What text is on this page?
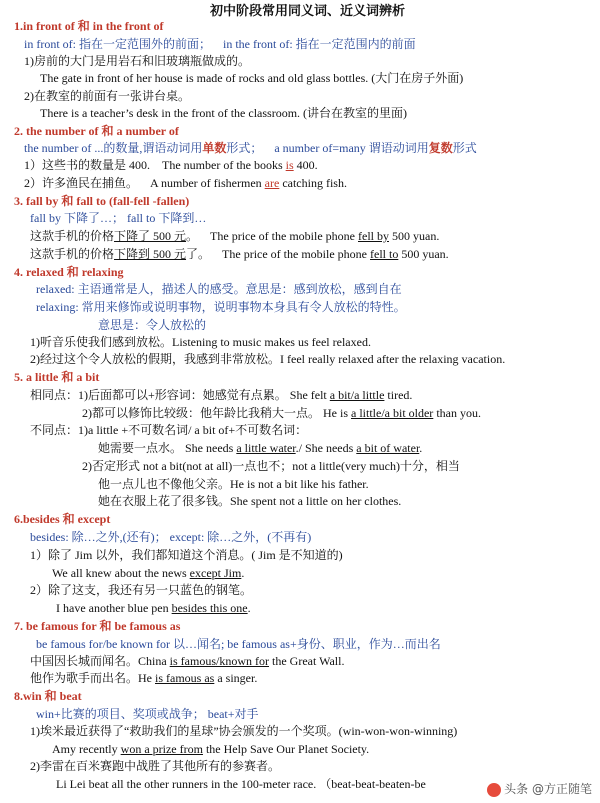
初中阶段常用同义词、近义词辨析
1.in front of 和 in the front of
in front of: 指在一定范围外的前面； in the front of: 指在一定范围内的前面
1)房前的大门是用岩石和旧玻璃瓶做成的。
The gate in front of her house is made of rocks and old glass bottles. (大门在房子外面)
2)在教室的前面有一张讲台桌。
There is a teacher’s desk in the front of the classroom. (讲台在教室的里面)
2. the number of 和 a number of
the number of ...的数量,谓语动词用单数形式； a number of=many 谓语动词用复数形式
1）这些书的数量是 400. The number of the books is 400.
2）许多渔民在捕鱼。 A number of fishermen are catching fish.
3. fall by 和 fall to (fall-fell -fallen)
fall by 下降了…； fall to 下降到…
这款手机的价格下降了 500 元。 The price of the mobile phone fell by 500 yuan.
这款手机的价格下降到 500 元了。 The price of the mobile phone fell to 500 yuan.
4. relaxed 和 relaxing
relaxed: 主语通常是人，描述人的感受。意思是：感到放松，感到自在
relaxing: 常用来修饰或说明事物，说明事物本身具有令人放松的特性。
意思是：令人放松的
1)听音乐使我们感到放松。Listening to music makes us feel relaxed.
2)经过这个令人放松的假期，我感到非常放松。I feel really relaxed after the relaxing vacation.
5. a little 和 a bit
相同点：1)后面都可以+形容词：她感觉有点累。 She felt a bit/a little tired.
2)都可以修饰比较级：他年龄比我稍大一点。 He is a little/a bit older than you.
不同点：1)a little +不可数名词/ a bit of+不可数名词：
她需要一点水。 She needs a little water./ She needs a bit of water.
2)否定形式 not a bit(not at all)一点也不；not a little(very much)十分，相当
他一点儿也不像他父亲。He is not a bit like his father.
她在衣服上花了很多钱。She spent not a little on her clothes.
6.besides 和 except
besides: 除…之外,(还有)； except: 除…之外，(不再有)
1）除了 Jim 以外，我们都知道这个消息。( Jim 是不知道的)
We all knew about the news except Jim.
2）除了这支，我还有另一只蓝色的钢笔。
I have another blue pen besides this one.
7. be famous for 和 be famous as
be famous for/be known for 以…闻名; be famous as+身份、职业，作为…而出名
中国因长城而闻名。China is famous/known for the Great Wall.
他作为歌手而出名。He is famous as a singer.
8.win 和 beat
win+比赛的项目、奖项或战争； beat+对手
1)埃米最近获得了“救助我们的星球”协会颁发的一个奖项。(win-won-won-winning)
Amy recently won a prize from the Help Save Our Planet Society.
2)李雷在百米赛跑中战胜了其他所有的参赛者。
Li Lei beat all the other runners in the 100-meter race. （beat-beat-beaten-be	头条 @方正随笔
